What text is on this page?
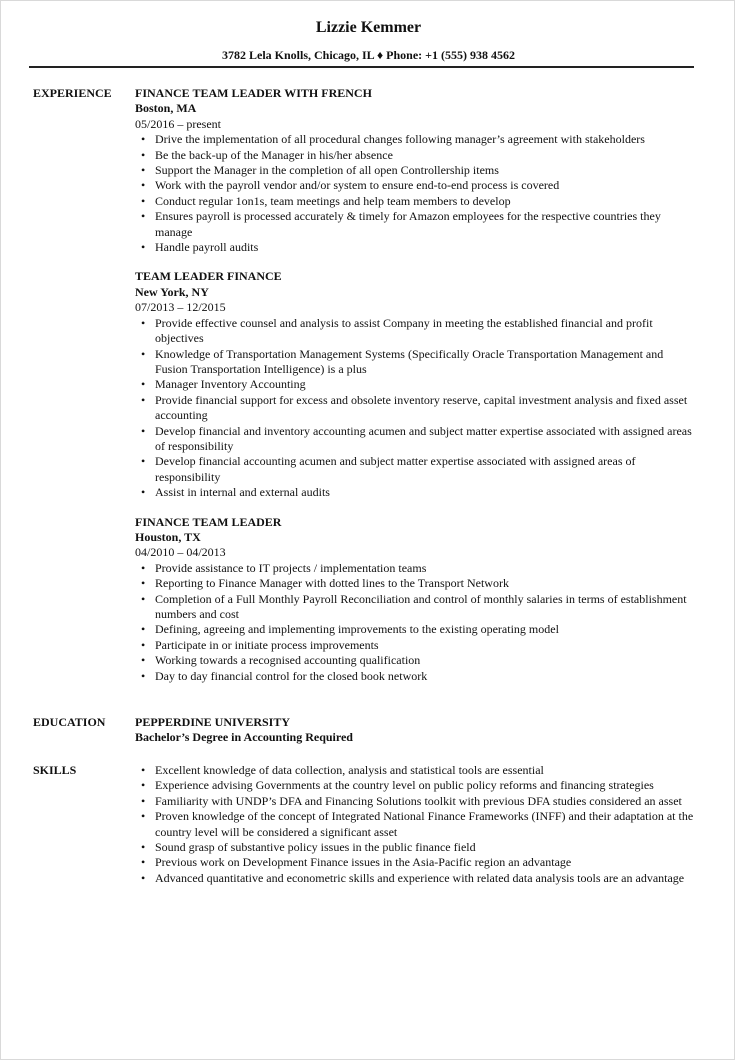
Lizzie Kemmer
3782 Lela Knolls, Chicago, IL ♦ Phone: +1 (555) 938 4562
EXPERIENCE FINANCE TEAM LEADER WITH FRENCH
Boston, MA
05/2016 – present
• Drive the implementation of all procedural changes following manager’s agreement with stakeholders
• Be the back-up of the Manager in his/her absence
• Support the Manager in the completion of all open Controllership items
• Work with the payroll vendor and/or system to ensure end-to-end process is covered
• Conduct regular 1on1s, team meetings and help team members to develop
• Ensures payroll is processed accurately & timely for Amazon employees for the respective countries they manage
• Handle payroll audits
TEAM LEADER FINANCE
New York, NY
07/2013 – 12/2015
• Provide effective counsel and analysis to assist Company in meeting the established financial and profit objectives
• Knowledge of Transportation Management Systems (Specifically Oracle Transportation Management and Fusion Transportation Intelligence) is a plus
• Manager Inventory Accounting
• Provide financial support for excess and obsolete inventory reserve, capital investment analysis and fixed asset accounting
• Develop financial and inventory accounting acumen and subject matter expertise associated with assigned areas of responsibility
• Develop financial accounting acumen and subject matter expertise associated with assigned areas of responsibility
• Assist in internal and external audits
FINANCE TEAM LEADER
Houston, TX
04/2010 – 04/2013
• Provide assistance to IT projects / implementation teams
• Reporting to Finance Manager with dotted lines to the Transport Network
• Completion of a Full Monthly Payroll Reconciliation and control of monthly salaries in terms of establishment numbers and cost
• Defining, agreeing and implementing improvements to the existing operating model
• Participate in or initiate process improvements
• Working towards a recognised accounting qualification
• Day to day financial control for the closed book network
EDUCATION PEPPERDINE UNIVERSITY
Bachelor’s Degree in Accounting Required
SKILLS
•	Excellent knowledge of data collection, analysis and statistical tools are essential
• Experience advising Governments at the country level on public policy reforms and financing strategies
• Familiarity with UNDP’s DFA and Financing Solutions toolkit with previous DFA studies considered an asset
• Proven knowledge of the concept of Integrated National Finance Frameworks (INFF) and their adaptation at the country level will be considered a significant asset
• Sound grasp of substantive policy issues in the public finance field
• Previous work on Development Finance issues in the Asia-Pacific region an advantage
• Advanced quantitative and econometric skills and experience with related data analysis tools are an advantage
